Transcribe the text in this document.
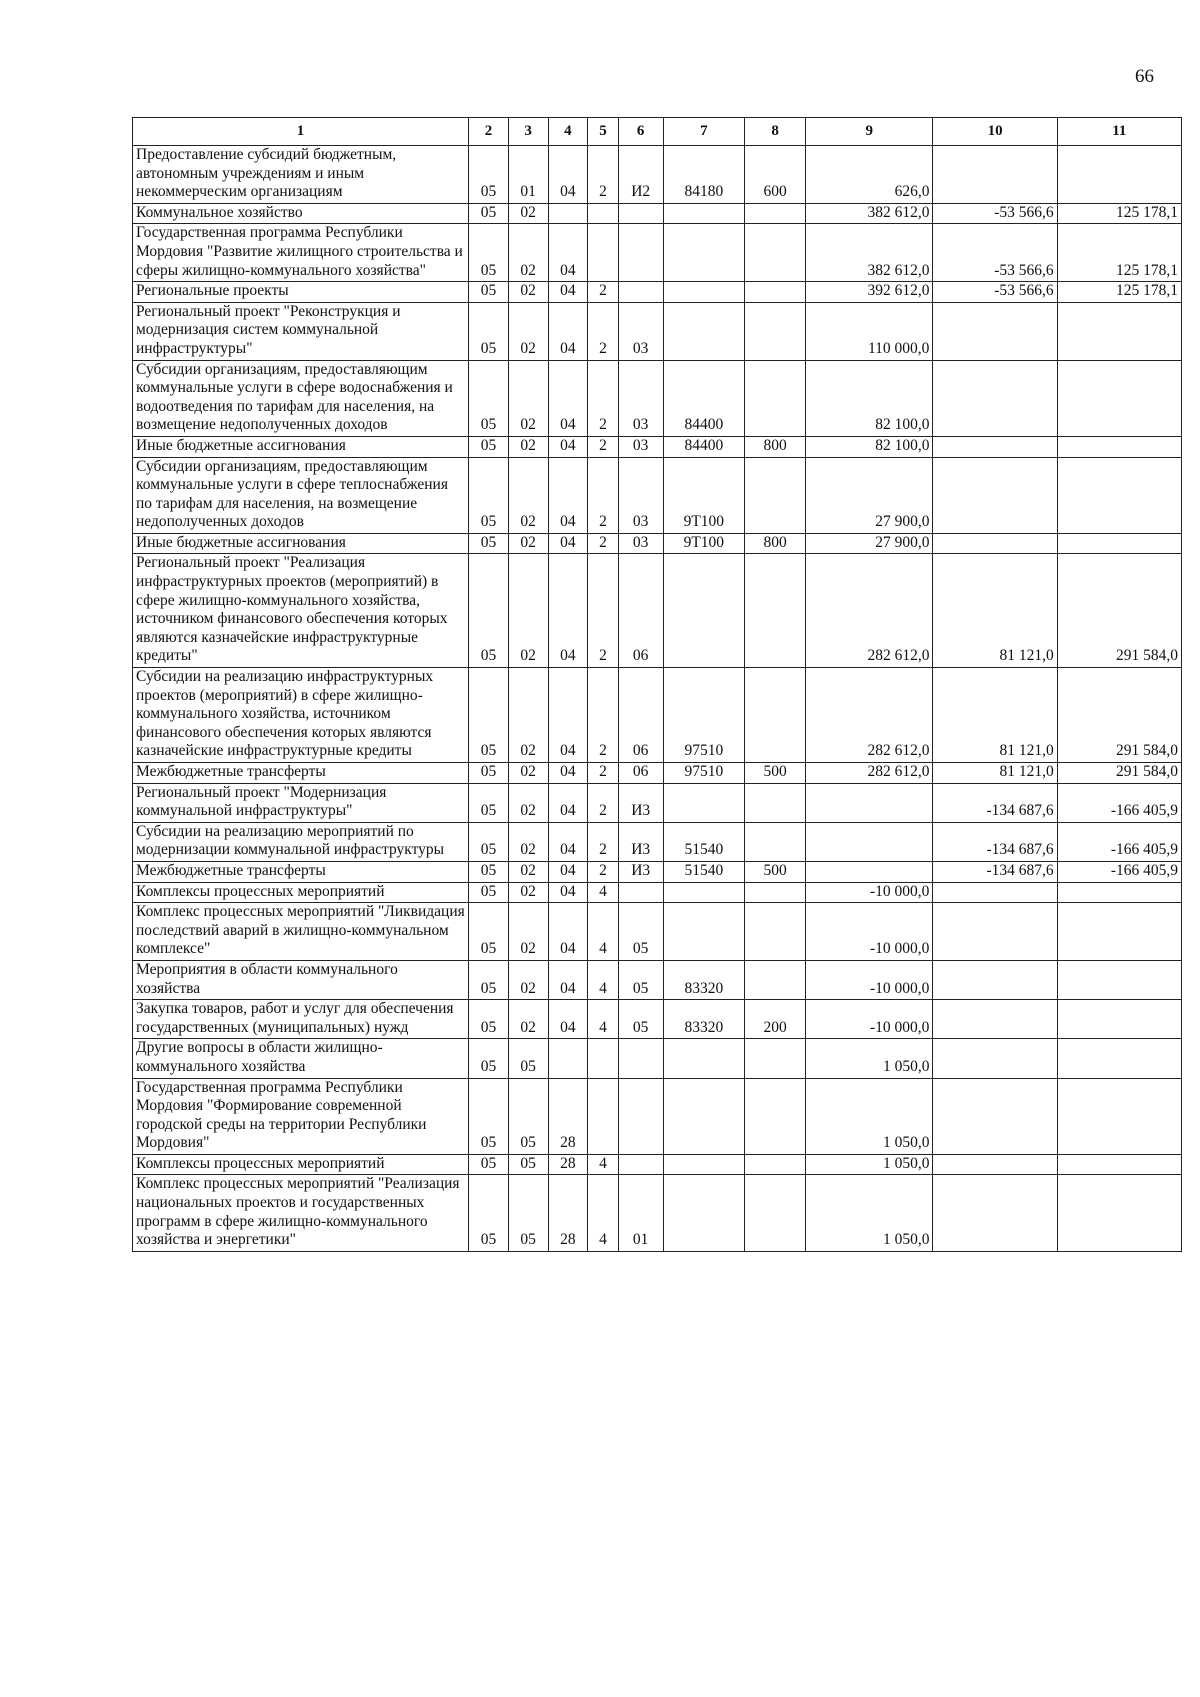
66
1	2	3	4	5	6	7	8	9	10	11
Предоставление субсидий бюджетным, автономным учреждениям и иным некоммерческим организациям	05	01	04	2	И2	84180	600	626,0		
Коммунальное хозяйство	05	02						382 612,0	-53 566,6	125 178,1
Государственная программа Республики Мордовия "Развитие жилищного строительства и сферы жилищно-коммунального хозяйства"	05	02	04					382 612,0	-53 566,6	125 178,1
Региональные проекты	05	02	04	2				392 612,0	-53 566,6	125 178,1
Региональный проект "Реконструкция и модернизация систем коммунальной инфраструктуры"	05	02	04	2	03			110 000,0		
Субсидии организациям, предоставляющим коммунальные услуги в сфере водоснабжения и водоотведения по тарифам для населения, на возмещение недополученных доходов	05	02	04	2	03	84400		82 100,0		
Иные бюджетные ассигнования	05	02	04	2	03	84400	800	82 100,0		
Субсидии организациям, предоставляющим коммунальные услуги в сфере теплоснабжения по тарифам для населения, на возмещение недополученных доходов	05	02	04	2	03	9Т100		27 900,0		
Иные бюджетные ассигнования	05	02	04	2	03	9Т100	800	27 900,0		
Региональный проект "Реализация инфраструктурных проектов (мероприятий) в сфере жилищно-коммунального хозяйства, источником финансового обеспечения которых являются казначейские инфраструктурные кредиты"	05	02	04	2	06			282 612,0	81 121,0	291 584,0
Субсидии на реализацию инфраструктурных проектов (мероприятий) в сфере жилищно-коммунального хозяйства, источником финансового обеспечения которых являются казначейские инфраструктурные кредиты	05	02	04	2	06	97510		282 612,0	81 121,0	291 584,0
Межбюджетные трансферты	05	02	04	2	06	97510	500	282 612,0	81 121,0	291 584,0
Региональный проект "Модернизация коммунальной инфраструктуры"	05	02	04	2	И3				-134 687,6	-166 405,9
Субсидии на реализацию мероприятий по модернизации коммунальной инфраструктуры	05	02	04	2	И3	51540			-134 687,6	-166 405,9
Межбюджетные трансферты	05	02	04	2	И3	51540	500		-134 687,6	-166 405,9
Комплексы процессных мероприятий	05	02	04	4				-10 000,0		
Комплекс процессных мероприятий "Ликвидация последствий аварий в жилищно-коммунальном комплексе"	05	02	04	4	05			-10 000,0		
Мероприятия в области коммунального хозяйства	05	02	04	4	05	83320		-10 000,0		
Закупка товаров, работ и услуг для обеспечения государственных (муниципальных) нужд	05	02	04	4	05	83320	200	-10 000,0		
Другие вопросы в области жилищно-коммунального хозяйства	05	05						1 050,0		
Государственная программа Республики Мордовия "Формирование современной городской среды на территории Республики Мордовия"	05	05	28					1 050,0		
Комплексы процессных мероприятий	05	05	28	4				1 050,0		
Комплекс процессных мероприятий "Реализация национальных проектов и государственных программ в сфере жилищно-коммунального хозяйства и энергетики"	05	05	28	4	01			1 050,0		
